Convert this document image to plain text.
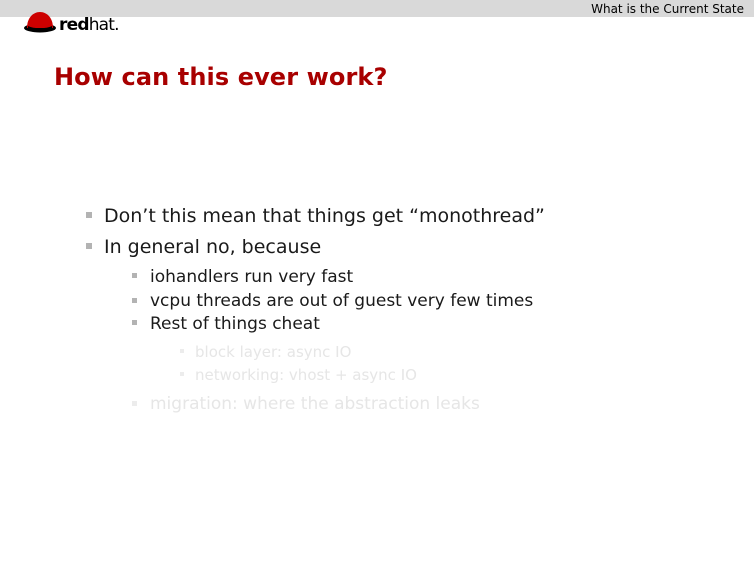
What is the Current State
redhat.
How can this ever work?
Don’t this mean that things get “monothread”
In general no, because
iohandlers run very fast
vcpu threads are out of guest very few times
Rest of things cheat
block layer: async IO
networking: vhost + async IO
migration: where the abstraction leaks
